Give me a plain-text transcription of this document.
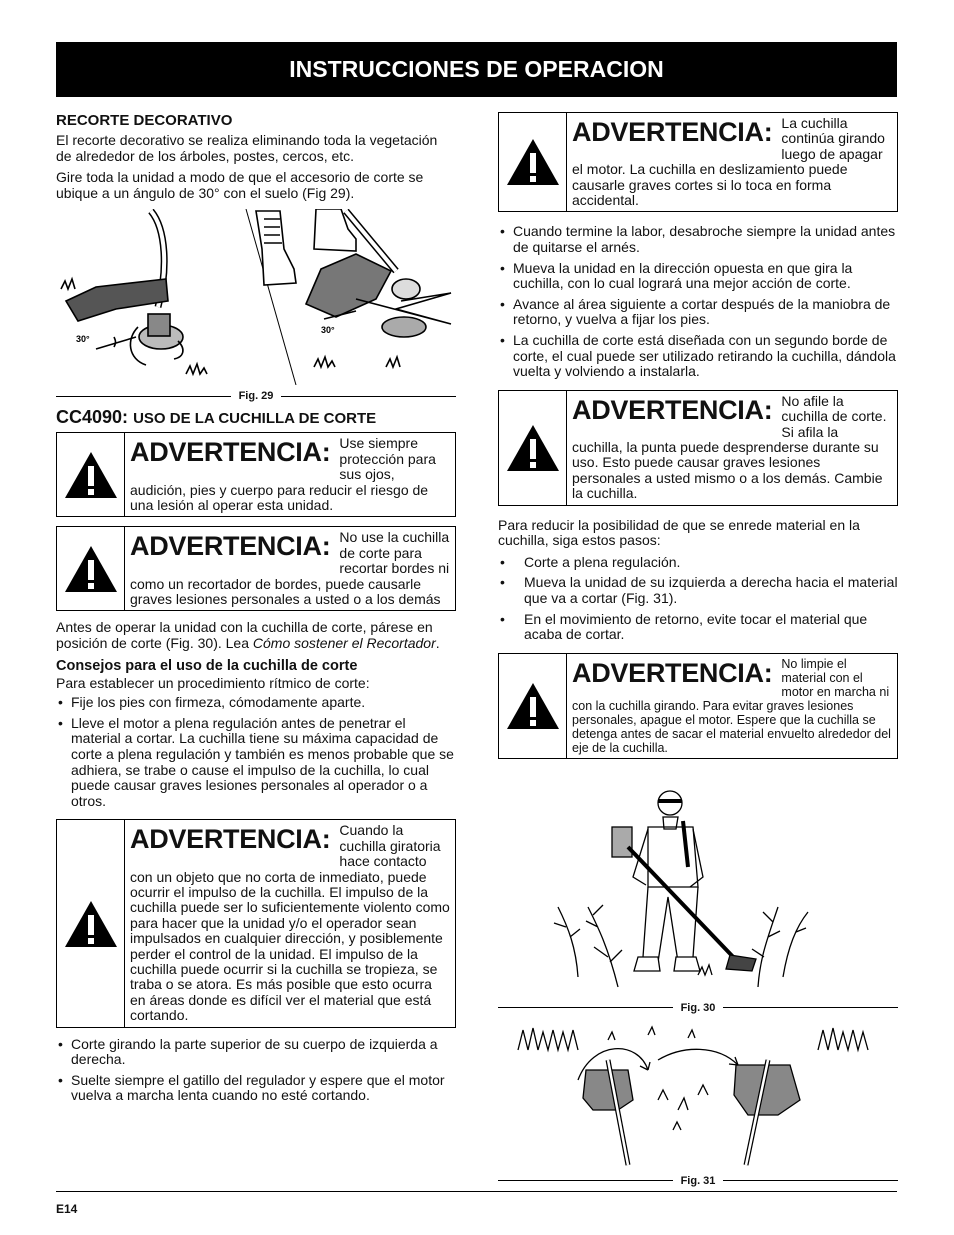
INSTRUCCIONES DE OPERACION
RECORTE DECORATIVO

El recorte decorativo se realiza eliminando toda la vegetación de alrededor de los árboles, postes, cercos, etc.

Gire toda la unidad a modo de que el accesorio de corte se ubique a un ángulo de 30° con el suelo (Fig 29).

30°
30°
Fig. 29
CC4090: USO DE LA CUCHILLA DE CORTE
ADVERTENCIA: Use siempre protección para sus ojos, audición, pies y cuerpo para reducir el riesgo de una lesión al operar esta unidad.
ADVERTENCIA: No use la cuchilla de corte para recortar bordes ni como un recortador de bordes, puede causarle graves lesiones personales a usted o a los demás

Antes de operar la unidad con la cuchilla de corte, párese en posición de corte (Fig. 30). Lea Cómo sostener el Recortador.

Consejos para el uso de la cuchilla de corte

Para establecer un procedimiento rítmico de corte:

• Fije los pies con firmeza, cómodamente aparte.
• Lleve el motor a plena regulación antes de penetrar el material a cortar. La cuchilla tiene su máxima capacidad de corte a plena regulación y también es menos probable que se adhiera, se trabe o cause el impulso de la cuchilla, lo cual puede causar graves lesiones personales al operador o a otros.
ADVERTENCIA: Cuando la cuchilla giratoria hace contacto con un objeto que no corta de inmediato, puede ocurrir el impulso de la cuchilla. El impulso de la cuchilla puede ser lo suficientemente violento como para hacer que la unidad y/o el operador sean impulsados en cualquier dirección, y posiblemente perder el control de la unidad. El impulso de la cuchilla puede ocurrir si la cuchilla se tropieza, se traba o se atora. Es más posible que esto ocurra en áreas donde es difícil ver el material que está cortando.
• Corte girando la parte superior de su cuerpo de izquierda a derecha.
• Suelte siempre el gatillo del regulador y espere que el motor vuelva a marcha lenta cuando no esté cortando.
ADVERTENCIA: La cuchilla continúa girando luego de apagar el motor. La cuchilla en deslizamiento puede causarle graves cortes si lo toca en forma accidental.
• Cuando termine la labor, desabroche siempre la unidad antes de quitarse el arnés.
• Mueva la unidad en la dirección opuesta en que gira la cuchilla, con lo cual logrará una mejor acción de corte.
• Avance al área siguiente a cortar después de la maniobra de retorno, y vuelva a fijar los pies.
• La cuchilla de corte está diseñada con un segundo borde de corte, el cual puede ser utilizado retirando la cuchilla, dándola vuelta y volviendo a instalarla.
ADVERTENCIA: No afile la cuchilla de corte. Si afila la cuchilla, la punta puede desprenderse durante su uso. Esto puede causar graves lesiones personales a usted mismo o a los demás. Cambie la cuchilla.

Para reducir la posibilidad de que se enrede material en la cuchilla, siga estos pasos:

• Corte a plena regulación.
• Mueva la unidad de su izquierda a derecha hacia el material que va a cortar (Fig. 31).
• En el movimiento de retorno, evite tocar el material que acaba de cortar.
ADVERTENCIA: No limpie el material con el motor en marcha ni con la cuchilla girando. Para evitar graves lesiones personales, apague el motor. Espere que la cuchilla se detenga antes de sacar el material envuelto alrededor del eje de la cuchilla.
Fig. 30
Fig. 31
E14
